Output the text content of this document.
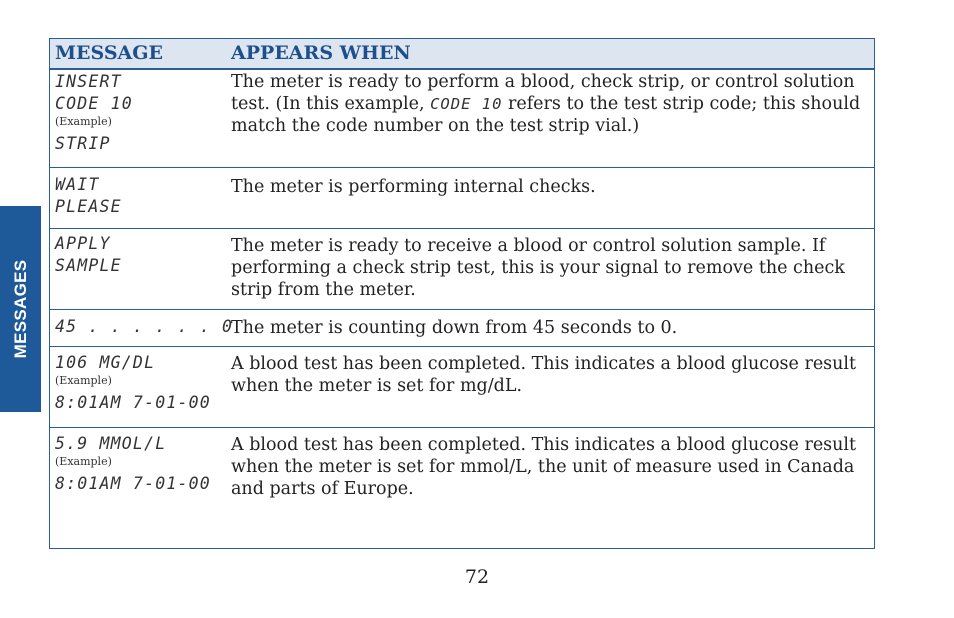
MESSAGES
MESSAGE	APPEARS WHEN
INSERT
CODE 10
(Example)
STRIP
The meter is ready to perform a blood, check strip, or control solution test. (In this example, CODE 10 refers to the test strip code; this should match the code number on the test strip vial.)
WAIT
PLEASE
The meter is performing internal checks.
APPLY
SAMPLE
The meter is ready to receive a blood or control solution sample. If performing a check strip test, this is your signal to remove the check strip from the meter.
45 . . . . . . 0
The meter is counting down from 45 seconds to 0.
106 MG/DL
(Example)
8:01AM 7-01-00
A blood test has been completed. This indicates a blood glucose result when the meter is set for mg/dL.
5.9 MMOL/L
(Example)
8:01AM 7-01-00
A blood test has been completed. This indicates a blood glucose result when the meter is set for mmol/L, the unit of measure used in Canada and parts of Europe.
72
